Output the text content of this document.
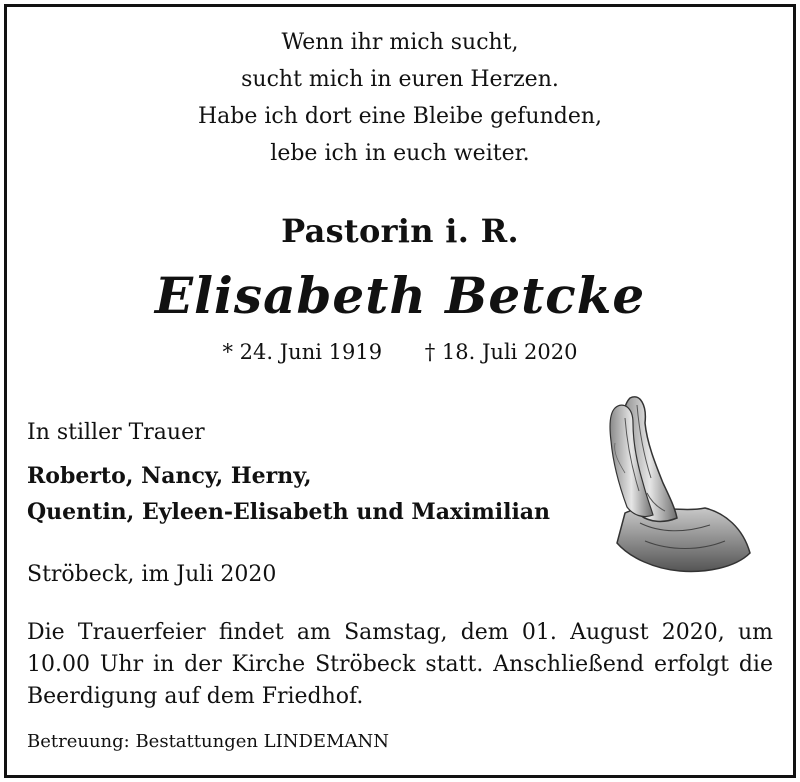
Wenn ihr mich sucht,
sucht mich in euren Herzen.
Habe ich dort eine Bleibe gefunden,
lebe ich in euch weiter.
Pastorin i. R.
Elisabeth Betcke
* 24. Juni 1919 † 18. Juli 2020
In stiller Trauer
Roberto, Nancy, Herny,
Quentin, Eyleen-Elisabeth und Maximilian
Ströbeck, im Juli 2020
Die Trauerfeier findet am Samstag, dem 01. August 2020, um 10.00 Uhr in der Kirche Ströbeck statt. Anschließend erfolgt die Beerdigung auf dem Friedhof.
Betreuung: Bestattungen LINDEMANN
